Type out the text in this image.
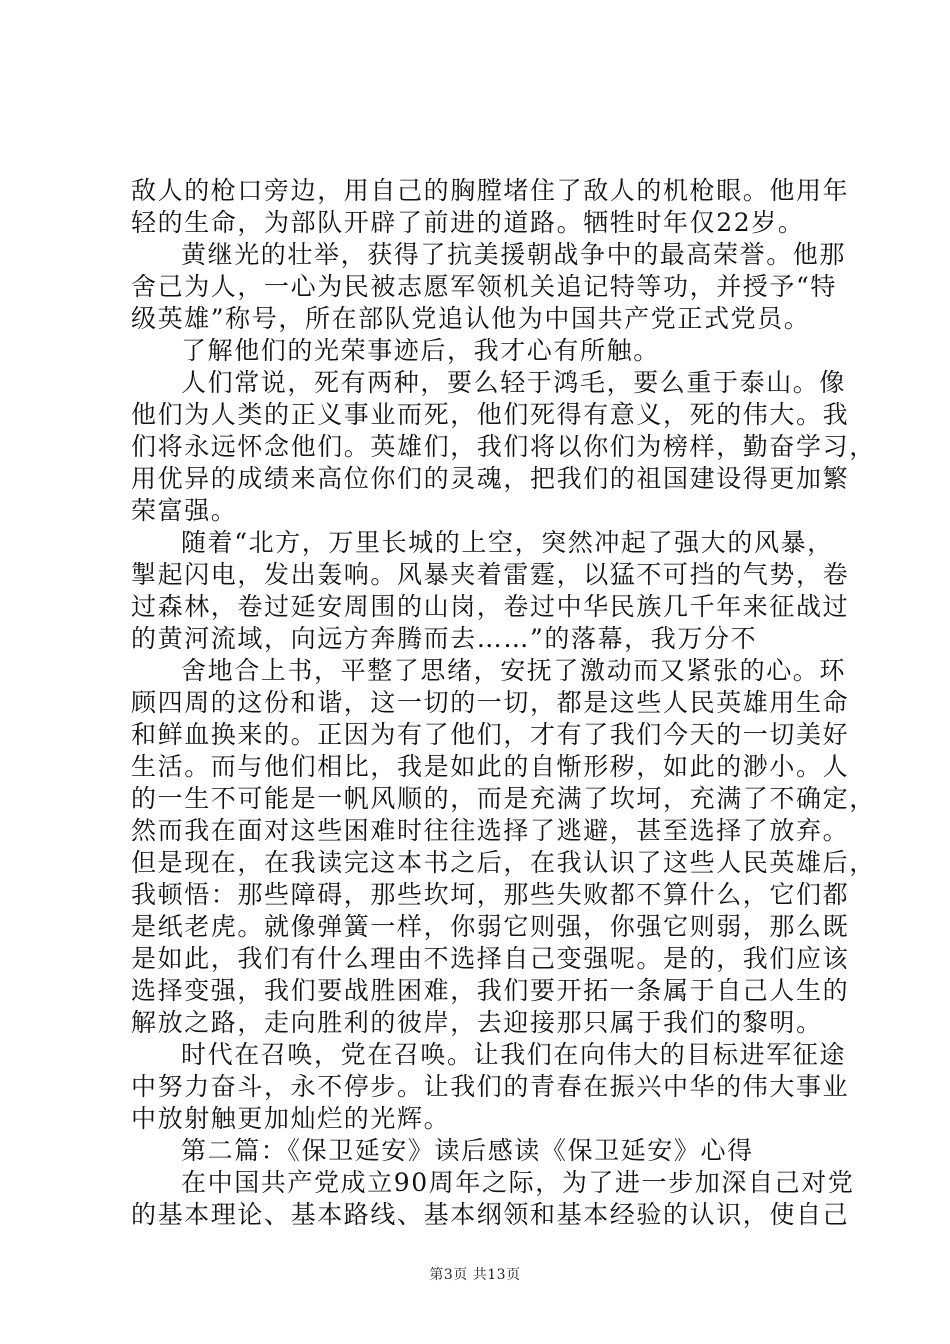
敌人的枪口旁边，用自己的胸膛堵住了敌人的机枪眼。他用年
轻的生命，为部队开辟了前进的道路。牺牲时年仅22岁。
黄继光的壮举，获得了抗美援朝战争中的最高荣誉。他那
舍己为人，一心为民被志愿军领机关追记特等功，并授予“特
级英雄”称号，所在部队党追认他为中国共产党正式党员。
了解他们的光荣事迹后，我才心有所触。
人们常说，死有两种，要么轻于鸿毛，要么重于泰山。像
他们为人类的正义事业而死，他们死得有意义，死的伟大。我
们将永远怀念他们。英雄们，我们将以你们为榜样，勤奋学习，
用优异的成绩来高位你们的灵魂，把我们的祖国建设得更加繁
荣富强。
随着“北方，万里长城的上空，突然冲起了强大的风暴，
掣起闪电，发出轰响。风暴夹着雷霆，以猛不可挡的气势，卷
过森林，卷过延安周围的山岗，卷过中华民族几千年来征战过
的黄河流域，向远方奔腾而去……”的落幕，我万分不
舍地合上书，平整了思绪，安抚了激动而又紧张的心。环
顾四周的这份和谐，这一切的一切，都是这些人民英雄用生命
和鲜血换来的。正因为有了他们，才有了我们今天的一切美好
生活。而与他们相比，我是如此的自惭形秽，如此的渺小。人
的一生不可能是一帆风顺的，而是充满了坎坷，充满了不确定，
然而我在面对这些困难时往往选择了逃避，甚至选择了放弃。
但是现在，在我读完这本书之后，在我认识了这些人民英雄后，
我顿悟：那些障碍，那些坎坷，那些失败都不算什么，它们都
是纸老虎。就像弹簧一样，你弱它则强，你强它则弱，那么既
是如此，我们有什么理由不选择自己变强呢。是的，我们应该
选择变强，我们要战胜困难，我们要开拓一条属于自己人生的
解放之路，走向胜利的彼岸，去迎接那只属于我们的黎明。
时代在召唤，党在召唤。让我们在向伟大的目标进军征途
中努力奋斗，永不停步。让我们的青春在振兴中华的伟大事业
中放射触更加灿烂的光辉。
第二篇：《保卫延安》读后感读《保卫延安》心得
在中国共产党成立90周年之际，为了进一步加深自己对党
的基本理论、基本路线、基本纲领和基本经验的认识，使自己
第3页 共13页
